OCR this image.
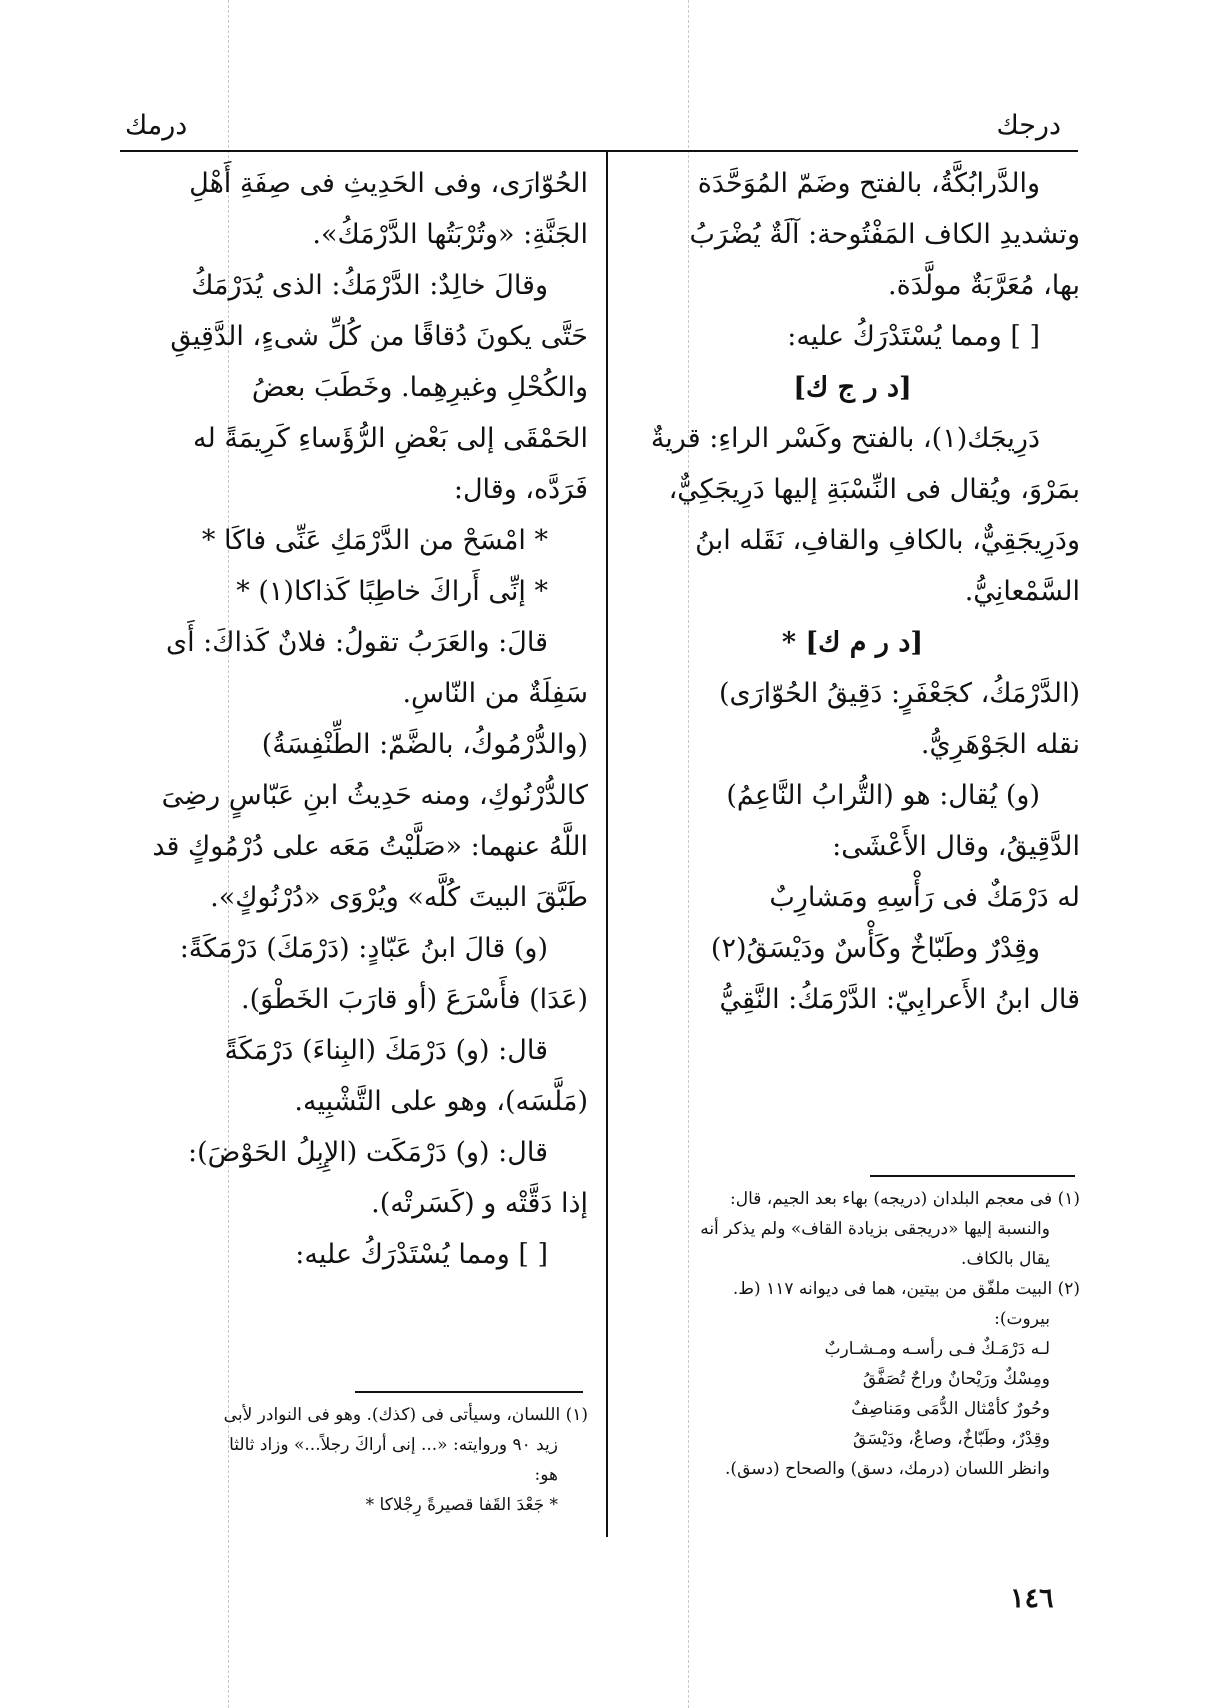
درجك
درمك

والدَّرابُكَّةُ، بالفتح وضَمّ المُوَحَّدَة

وتشديدِ الكاف المَفْتُوحة: آلَةٌ يُضْرَبُ

بها، مُعَرَّبَةٌ مولَّدَة.

[ ] ومما يُسْتَدْرَكُ عليه:

[د ر ج ك]

دَرِيجَك(١)، بالفتح وكَسْر الراءِ: قريةٌ

بمَرْوَ، ويُقال فى النِّسْبَةِ إليها دَرِيجَكِيٌّ،

ودَرِيجَقِيٌّ، بالكافِ والقافِ، نَقَله ابنُ

السَّمْعانِيُّ.

[د ر م ك] *

(الدَّرْمَكُ، كجَعْفَرٍ: دَقِيقُ الحُوّارَى)

نقله الجَوْهَرِيُّ.

(و) يُقال: هو (التُّرابُ النَّاعِمُ)

الدَّقِيقُ، وقال الأَعْشَى:

له دَرْمَكٌ فى رَأْسِهِ ومَشارِبٌ

وقِدْرٌ وطَبّاخٌ وكَأْسٌ ودَيْسَقُ(٢)

قال ابنُ الأَعرابِيّ: الدَّرْمَكُ: النَّقِيُّ

(١) فى معجم البلدان (دريجه) بهاء بعد الجيم، قال:

والنسبة إليها «دريجقى بزيادة القاف» ولم يذكر أنه

يقال بالكاف.

(٢) البيت ملفّق من بيتين، هما فى ديوانه ١١٧ (ط.

بيروت):

لـه دَرْمَـكٌ فـى رأسـه ومـشـاربٌ

ومِسْكٌ ورَيْحانٌ وراحٌ تُصَفَّقُ

وحُورٌ كأمْثال الدُّمَى ومَناصِفٌ

وقِدْرٌ، وطَبّاخٌ، وصاعٌ، ودَيْسَقُ

وانظر اللسان (درمك، دسق) والصحاح (دسق).

الحُوّارَى، وفى الحَدِيثِ فى صِفَةِ أَهْلِ

الجَنَّةِ: «وتُرْبَتُها الدَّرْمَكُ».

وقالَ خالِدٌ: الدَّرْمَكُ: الذى يُدَرْمَكُ

حَتَّى يكونَ دُقاقًا من كُلِّ شىءٍ، الدَّقِيقِ

والكُحْلِ وغيرِهِما. وخَطَبَ بعضُ

الحَمْقَى إلى بَعْضِ الرُّؤَساءِ كَرِيمَةً له

فَرَدَّه، وقال:

* امْسَحْ من الدَّرْمَكِ عَنِّى فاكَا *

* إنِّى أَراكَ خاطِبًا كَذاكا(١) *

قالَ: والعَرَبُ تقولُ: فلانٌ كَذاكَ: أَى

سَفِلَةٌ من النّاسِ.

(والدُّرْمُوكُ، بالضَّمّ: الطِّنْفِسَةُ)

كالدُّرْنُوكِ، ومنه حَدِيثُ ابنِ عَبّاسٍ رضِىَ

اللَّهُ عنهما: «صَلَّيْتُ مَعَه على دُرْمُوكٍ قد

طَبَّقَ البيتَ كُلَّه» ويُرْوَى «دُرْنُوكٍ».

(و) قالَ ابنُ عَبّادٍ: (دَرْمَكَ) دَرْمَكَةً:

(عَدَا) فأَسْرَعَ (أو قارَبَ الخَطْوَ).

قال: (و) دَرْمَكَ (البِناءَ) دَرْمَكَةً

(مَلَّسَه)، وهو على التَّشْبِيه.

قال: (و) دَرْمَكَت (الإِبِلُ الحَوْضَ):

إذا دَقَّتْه و (كَسَرتْه).

[ ] ومما يُسْتَدْرَكُ عليه:

(١) اللسان، وسيأتى فى (كذك). وهو فى النوادر لأبى

زيد ٩٠ وروايته: «... إنى أراكَ رجلاً...» وزاد ثالثا

هو:

* جَعْدَ القَفا قصيرةً رِجْلاكا *

١٤٦
